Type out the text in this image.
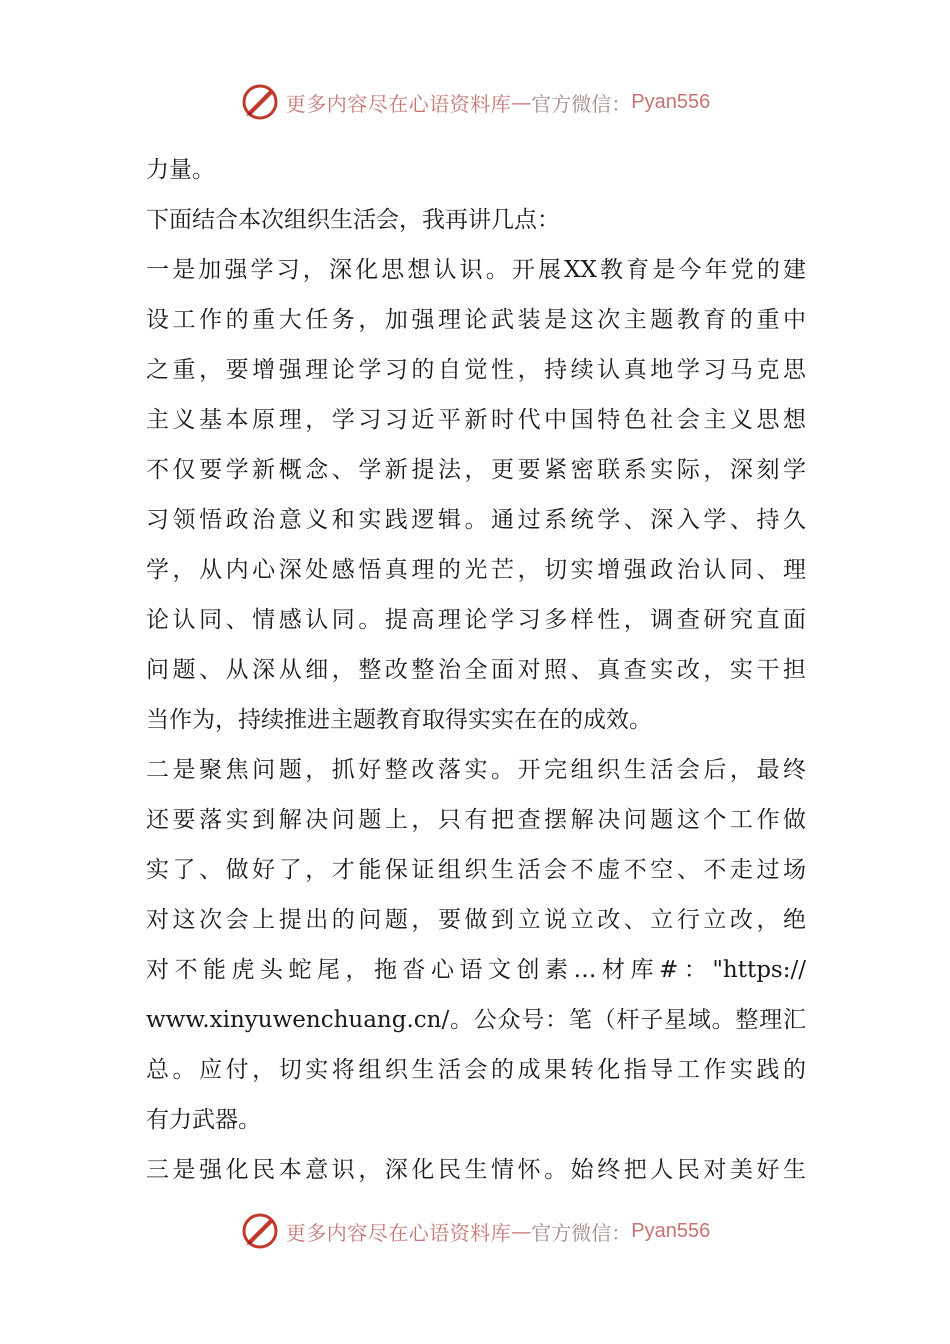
更多内容尽在心语资料库 — 官方微信： Pyan556
力量。
下面结合本次组织生活会，我再讲几点：
一是加强学习，深化思想认识。开展XX教育是今年党的建
设工作的重大任务，加强理论武装是这次主题教育的重中
之重，要增强理论学习的自觉性，持续认真地学习马克思
主义基本原理，学习习近平新时代中国特色社会主义思想
不仅要学新概念、学新提法，更要紧密联系实际，深刻学
习领悟政治意义和实践逻辑。通过系统学、深入学、持久
学，从内心深处感悟真理的光芒，切实增强政治认同、理
论认同、情感认同。提高理论学习多样性，调查研究直面
问题、从深从细，整改整治全面对照、真查实改，实干担
当作为，持续推进主题教育取得实实在在的成效。
二是聚焦问题，抓好整改落实。开完组织生活会后，最终
还要落实到解决问题上，只有把查摆解决问题这个工作做
实了、做好了，才能保证组织生活会不虚不空、不走过场
对这次会上提出的问题，要做到立说立改、立行立改，绝
对不能虎头蛇尾，拖沓心语文创素…材库#："https://
www.xinyuwenchuang.cn/。公众号：笔（杆子星域。整理汇
总。应付，切实将组织生活会的成果转化指导工作实践的
有力武器。
三是强化民本意识，深化民生情怀。始终把人民对美好生
更多内容尽在心语资料库 — 官方微信： Pyan556
